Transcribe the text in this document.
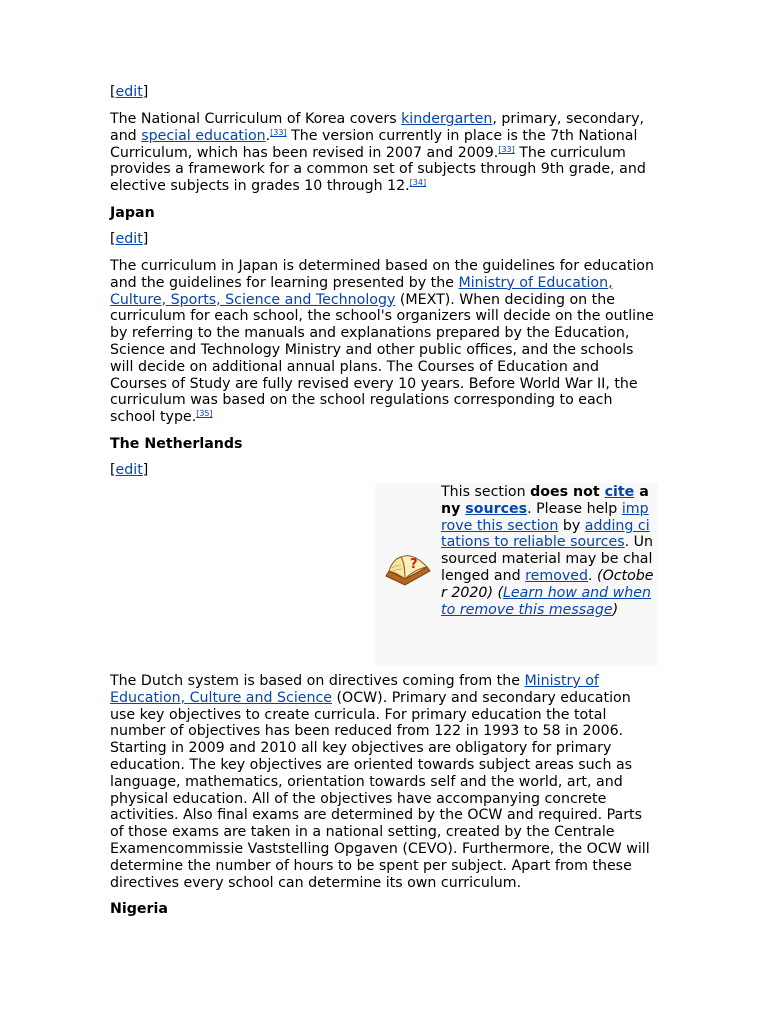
[edit]

The National Curriculum of Korea covers kindergarten, primary, secondary, and special education.[33] The version currently in place is the 7th National Curriculum, which has been revised in 2007 and 2009.[33] The curriculum provides a framework for a common set of subjects through 9th grade, and elective subjects in grades 10 through 12.[34]

Japan
[edit]

The curriculum in Japan is determined based on the guidelines for education and the guidelines for learning presented by the Ministry of Education, Culture, Sports, Science and Technology (MEXT). When deciding on the curriculum for each school, the school's organizers will decide on the outline by referring to the manuals and explanations prepared by the Education, Science and Technology Ministry and other public offices, and the schools will decide on additional annual plans. The Courses of Education and Courses of Study are fully revised every 10 years. Before World War II, the curriculum was based on the school regulations corresponding to each school type.[35]

The Netherlands
[edit]
?
This section does not cite any sources. Please help improve this section by adding citations to reliable sources. Unsourced material may be challenged and removed. (October 2020) (Learn how and when to remove this message)

The Dutch system is based on directives coming from the Ministry of Education, Culture and Science (OCW). Primary and secondary education use key objectives to create curricula. For primary education the total number of objectives has been reduced from 122 in 1993 to 58 in 2006. Starting in 2009 and 2010 all key objectives are obligatory for primary education. The key objectives are oriented towards subject areas such as language, mathematics, orientation towards self and the world, art, and physical education. All of the objectives have accompanying concrete activities. Also final exams are determined by the OCW and required. Parts of those exams are taken in a national setting, created by the Centrale Examencommissie Vaststelling Opgaven (CEVO). Furthermore, the OCW will determine the number of hours to be spent per subject. Apart from these directives every school can determine its own curriculum.

Nigeria
